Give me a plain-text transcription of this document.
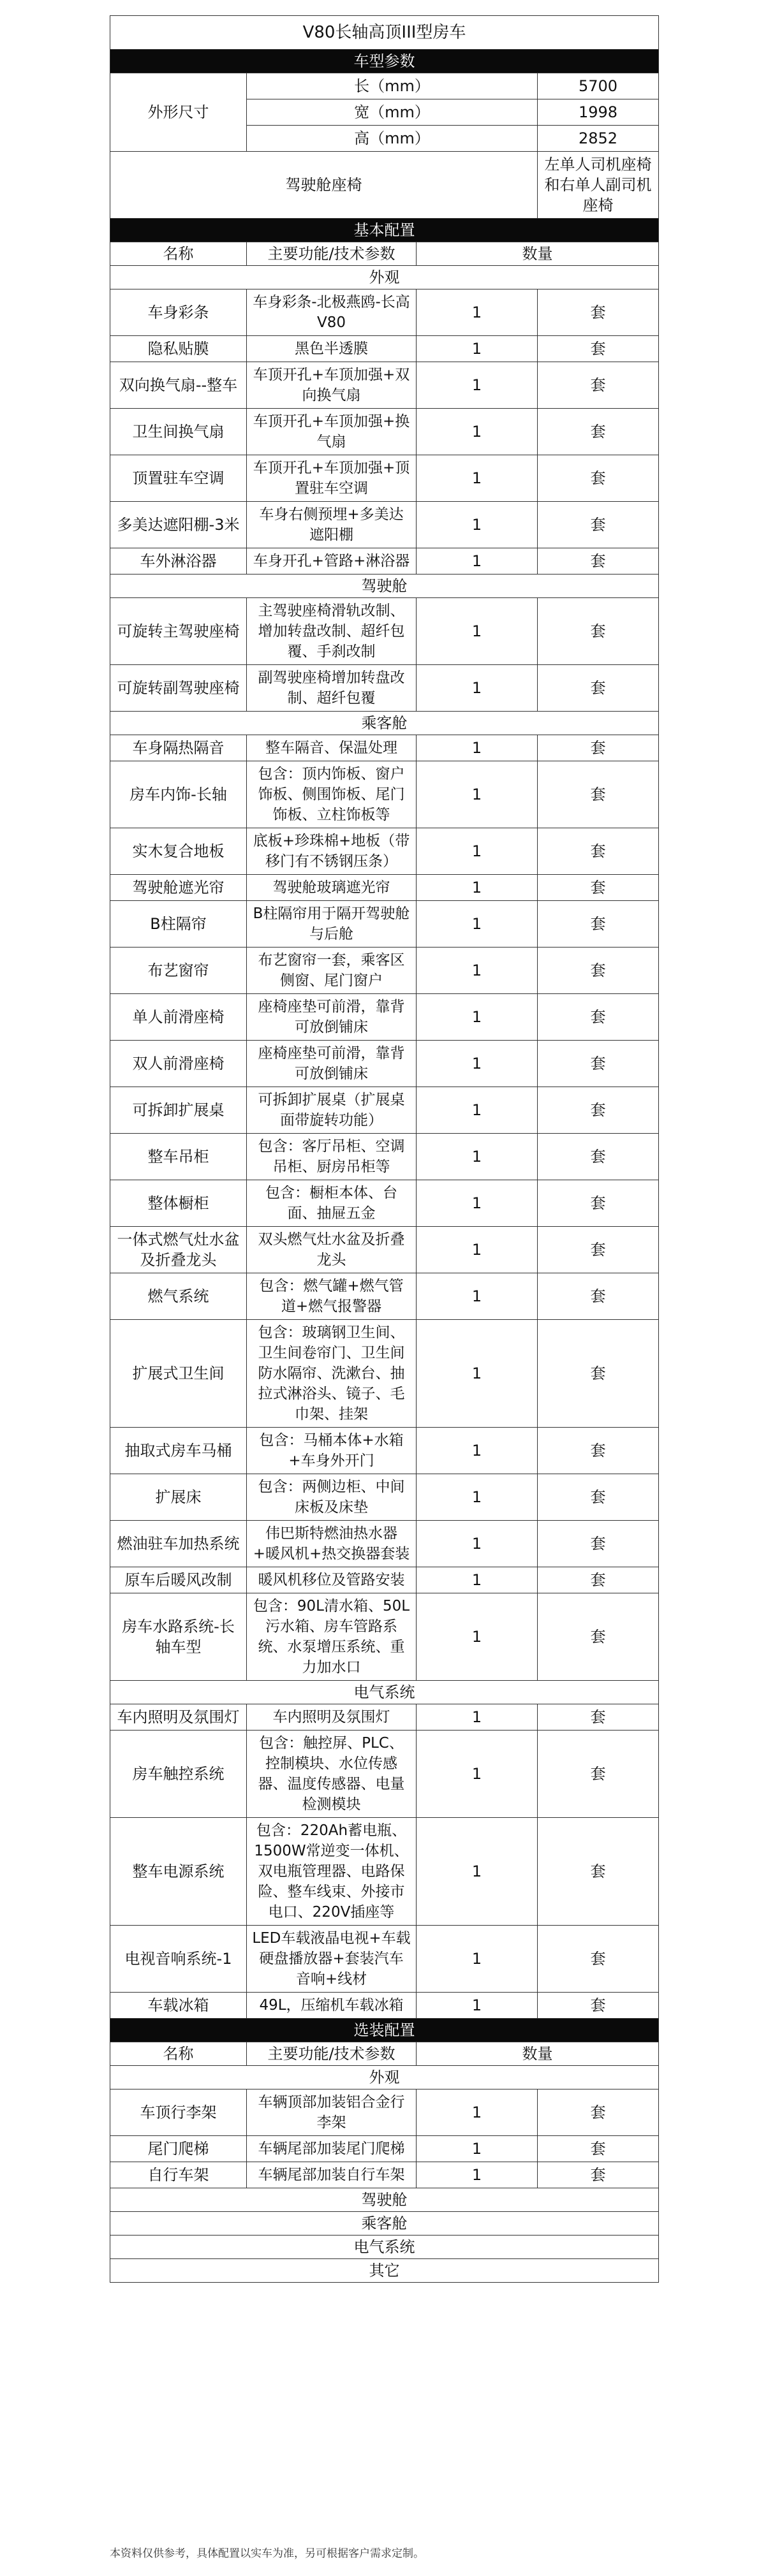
V80长轴高顶III型房车			
车型参数			
外形尺寸	长（mm）		5700
	宽（mm）		1998
	高（mm）		2852
驾驶舱座椅			左单人司机座椅和右单人副司机座椅
基本配置			
名称	主要功能/技术参数	数量	
外观			
车身彩条	车身彩条-北极燕鸥-长高V80	1	套
隐私贴膜	黑色半透膜	1	套
双向换气扇--整车	车顶开孔+车顶加强+双向换气扇	1	套
卫生间换气扇	车顶开孔+车顶加强+换气扇	1	套
顶置驻车空调	车顶开孔+车顶加强+顶置驻车空调	1	套
多美达遮阳棚-3米	车身右侧预埋+多美达遮阳棚	1	套
车外淋浴器	车身开孔+管路+淋浴器	1	套
驾驶舱			
可旋转主驾驶座椅	主驾驶座椅滑轨改制、增加转盘改制、超纤包覆、手刹改制	1	套
可旋转副驾驶座椅	副驾驶座椅增加转盘改制、超纤包覆	1	套
乘客舱			
车身隔热隔音	整车隔音、保温处理	1	套
房车内饰-长轴	包含：顶内饰板、窗户饰板、侧围饰板、尾门饰板、立柱饰板等	1	套
实木复合地板	底板+珍珠棉+地板（带移门有不锈钢压条）	1	套
驾驶舱遮光帘	驾驶舱玻璃遮光帘	1	套
B柱隔帘	B柱隔帘用于隔开驾驶舱与后舱	1	套
布艺窗帘	布艺窗帘一套，乘客区侧窗、尾门窗户	1	套
单人前滑座椅	座椅座垫可前滑，靠背可放倒铺床	1	套
双人前滑座椅	座椅座垫可前滑，靠背可放倒铺床	1	套
可拆卸扩展桌	可拆卸扩展桌（扩展桌面带旋转功能）	1	套
整车吊柜	包含：客厅吊柜、空调吊柜、厨房吊柜等	1	套
整体橱柜	包含：橱柜本体、台面、抽屉五金	1	套
一体式燃气灶水盆及折叠龙头	双头燃气灶水盆及折叠龙头	1	套
燃气系统	包含：燃气罐+燃气管道+燃气报警器	1	套
扩展式卫生间	包含：玻璃钢卫生间、卫生间卷帘门、卫生间防水隔帘、洗漱台、抽拉式淋浴头、镜子、毛巾架、挂架	1	套
抽取式房车马桶	包含：马桶本体+水箱+车身外开门	1	套
扩展床	包含：两侧边柜、中间床板及床垫	1	套
燃油驻车加热系统	伟巴斯特燃油热水器+暖风机+热交换器套装	1	套
原车后暖风改制	暖风机移位及管路安装	1	套
房车水路系统-长轴车型	包含：90L清水箱、50L污水箱、房车管路系统、水泵增压系统、重力加水口	1	套
电气系统			
车内照明及氛围灯	车内照明及氛围灯	1	套
房车触控系统	包含：触控屏、PLC、控制模块、水位传感器、温度传感器、电量检测模块	1	套
整车电源系统	包含：220Ah蓄电瓶、1500W常逆变一体机、双电瓶管理器、电路保险、整车线束、外接市电口、220V插座等	1	套
电视音响系统-1	LED车载液晶电视+车载硬盘播放器+套装汽车音响+线材	1	套
车载冰箱	49L，压缩机车载冰箱	1	套
选装配置			
名称	主要功能/技术参数	数量	
外观			
车顶行李架	车辆顶部加装铝合金行李架	1	套
尾门爬梯	车辆尾部加装尾门爬梯	1	套
自行车架	车辆尾部加装自行车架	1	套
驾驶舱			
乘客舱			
电气系统			
其它			
本资料仅供参考，具体配置以实车为准，另可根据客户需求定制。
